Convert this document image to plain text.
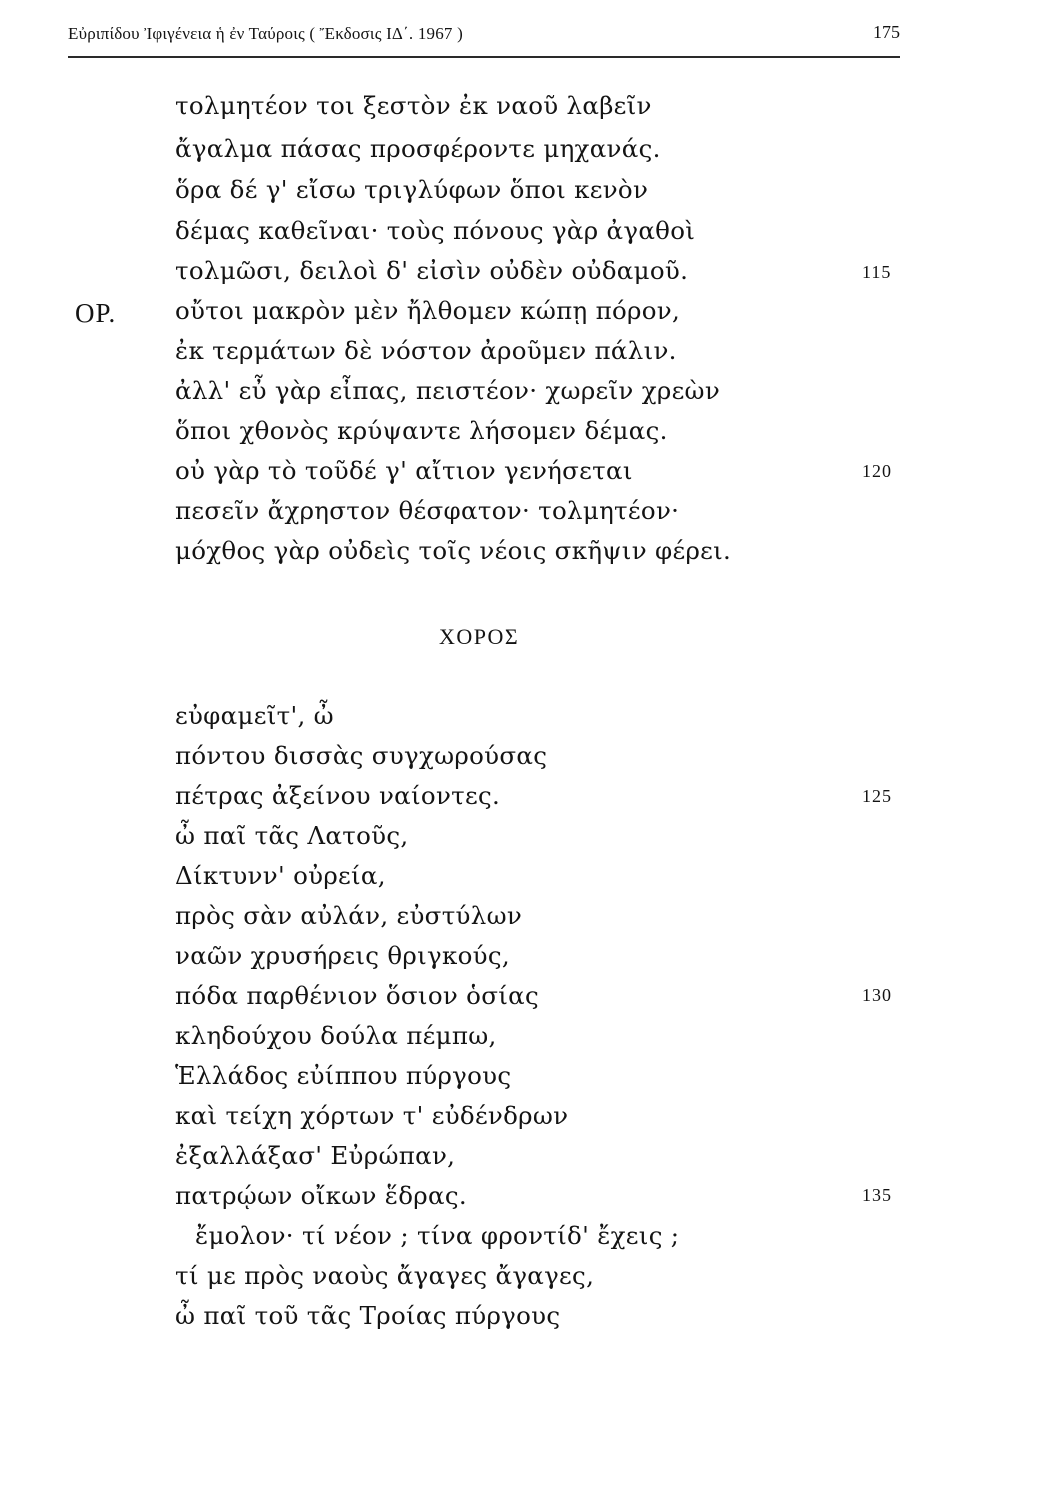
Εὐριπίδου Ἰφιγένεια ἡ ἐν Ταύροις ( Ἔκδοσις ΙΔ΄. 1967 )	175
τολμητέον τοι ξεστὸν ἐκ ναοῦ λαβεῖν
ἄγαλμα πάσας προσφέροντε μηχανάς.
ὅρα δέ γ' εἴσω τριγλύφων ὅποι κενὸν
δέμας καθεῖναι· τοὺς πόνους γὰρ ἀγαθοὶ
τολμῶσι, δειλοὶ δ' εἰσὶν οὐδὲν οὐδαμοῦ.	115
ΟΡ. οὔτοι μακρὸν μὲν ἤλθομεν κώπῃ πόρον,
ἐκ τερμάτων δὲ νόστον ἀροῦμεν πάλιν.
ἀλλ' εὖ γὰρ εἶπας, πειστέον· χωρεῖν χρεὼν
ὅποι χθονὸς κρύψαντε λήσομεν δέμας.
οὐ γὰρ τὸ τοῦδέ γ' αἴτιον γενήσεται	120
πεσεῖν ἄχρηστον θέσφατον· τολμητέον·
μόχθος γὰρ οὐδεὶς τοῖς νέοις σκῆψιν φέρει.
ΧΟΡΟΣ
εὐφαμεῖτ', ὦ
πόντου δισσὰς συγχωρούσας
πέτρας ἀξείνου ναίοντες.	125
ὦ παῖ τᾶς Λατοῦς,
Δίκτυνν' οὐρεία,
πρὸς σὰν αὐλάν, εὐστύλων
ναῶν χρυσήρεις θριγκούς,
πόδα παρθένιον ὅσιον ὁσίας	130
κληδούχου δούλα πέμπω,
Ἑλλάδος εὐίππου πύργους
καὶ τείχη χόρτων τ' εὐδένδρων
ἐξαλλάξασ' Εὐρώπαν,
πατρῴων οἴκων ἕδρας.	135
ἔμολον· τί νέον ; τίνα φροντίδ' ἔχεις ;
τί με πρὸς ναοὺς ἄγαγες ἄγαγες,
ὦ παῖ τοῦ τᾶς Τροίας πύργους
